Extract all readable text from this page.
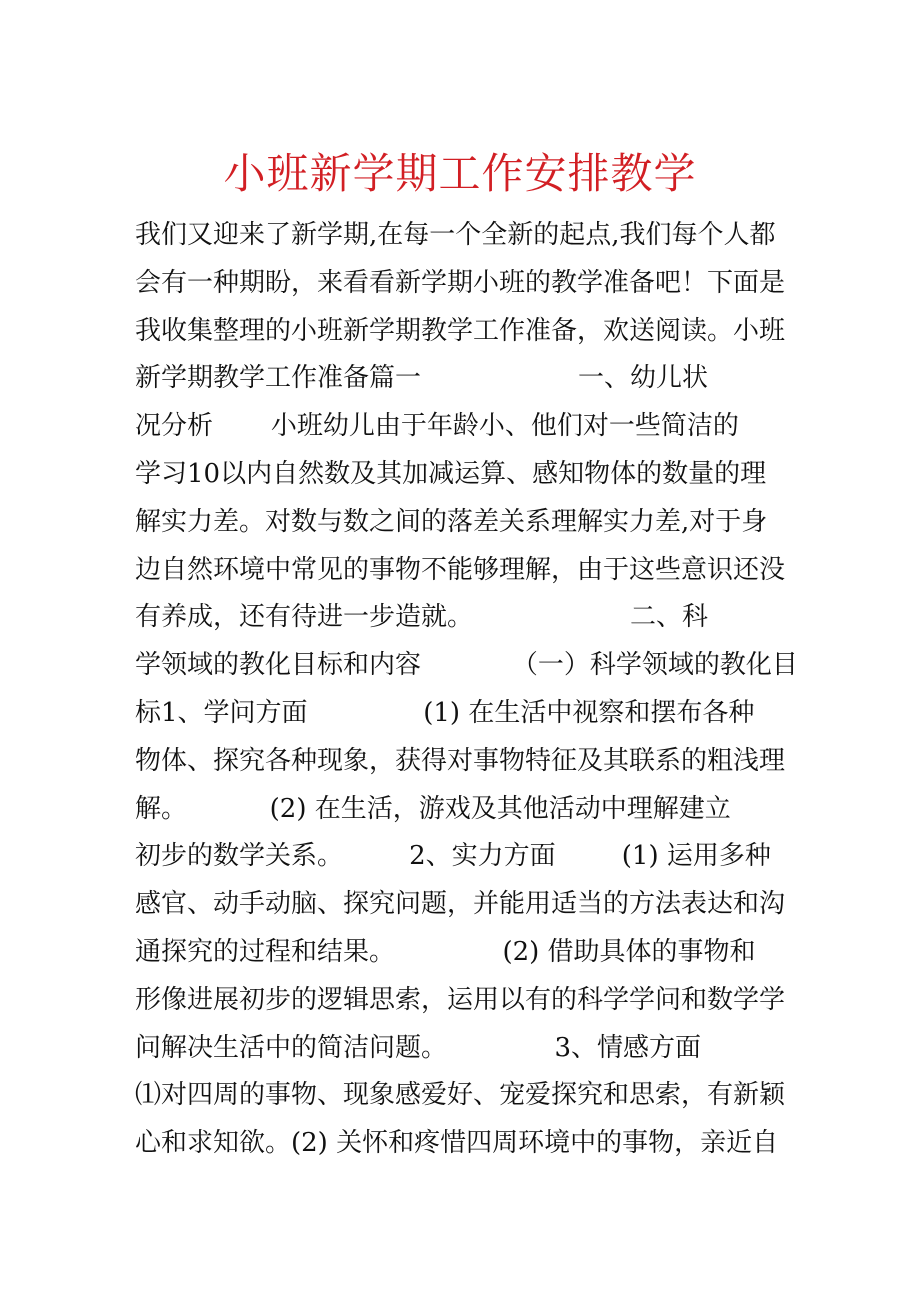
小班新学期工作安排教学
我们又迎来了新学期,在每一个全新的起点,我们每个人都
会有一种期盼，来看看新学期小班的教学准备吧！下面是
我收集整理的小班新学期教学工作准备，欢送阅读。小班
新学期教学工作准备篇一                   一、幼儿状
况分析       小班幼儿由于年龄小、他们对一些简洁的
学习10以内自然数及其加减运算、感知物体的数量的理
解实力差。对数与数之间的落差关系理解实力差,对于身
边自然环境中常见的事物不能够理解，由于这些意识还没
有养成，还有待进一步造就。                   二、科
学领域的教化目标和内容           （一）科学领域的教化目
标1、学问方面              (1) 在生活中视察和摆布各种
物体、探究各种现象，获得对事物特征及其联系的粗浅理
解。          (2) 在生活，游戏及其他活动中理解建立
初步的数学关系。        2、实力方面        (1) 运用多种
感官、动手动脑、探究问题，并能用适当的方法表达和沟
通探究的过程和结果。             (2) 借助具体的事物和
形像进展初步的逻辑思索，运用以有的科学学问和数学学
问解决生活中的简洁问题。             3、情感方面
⑴对四周的事物、现象感爱好、宠爱探究和思索，有新颖
心和求知欲。(2) 关怀和疼惜四周环境中的事物，亲近自
